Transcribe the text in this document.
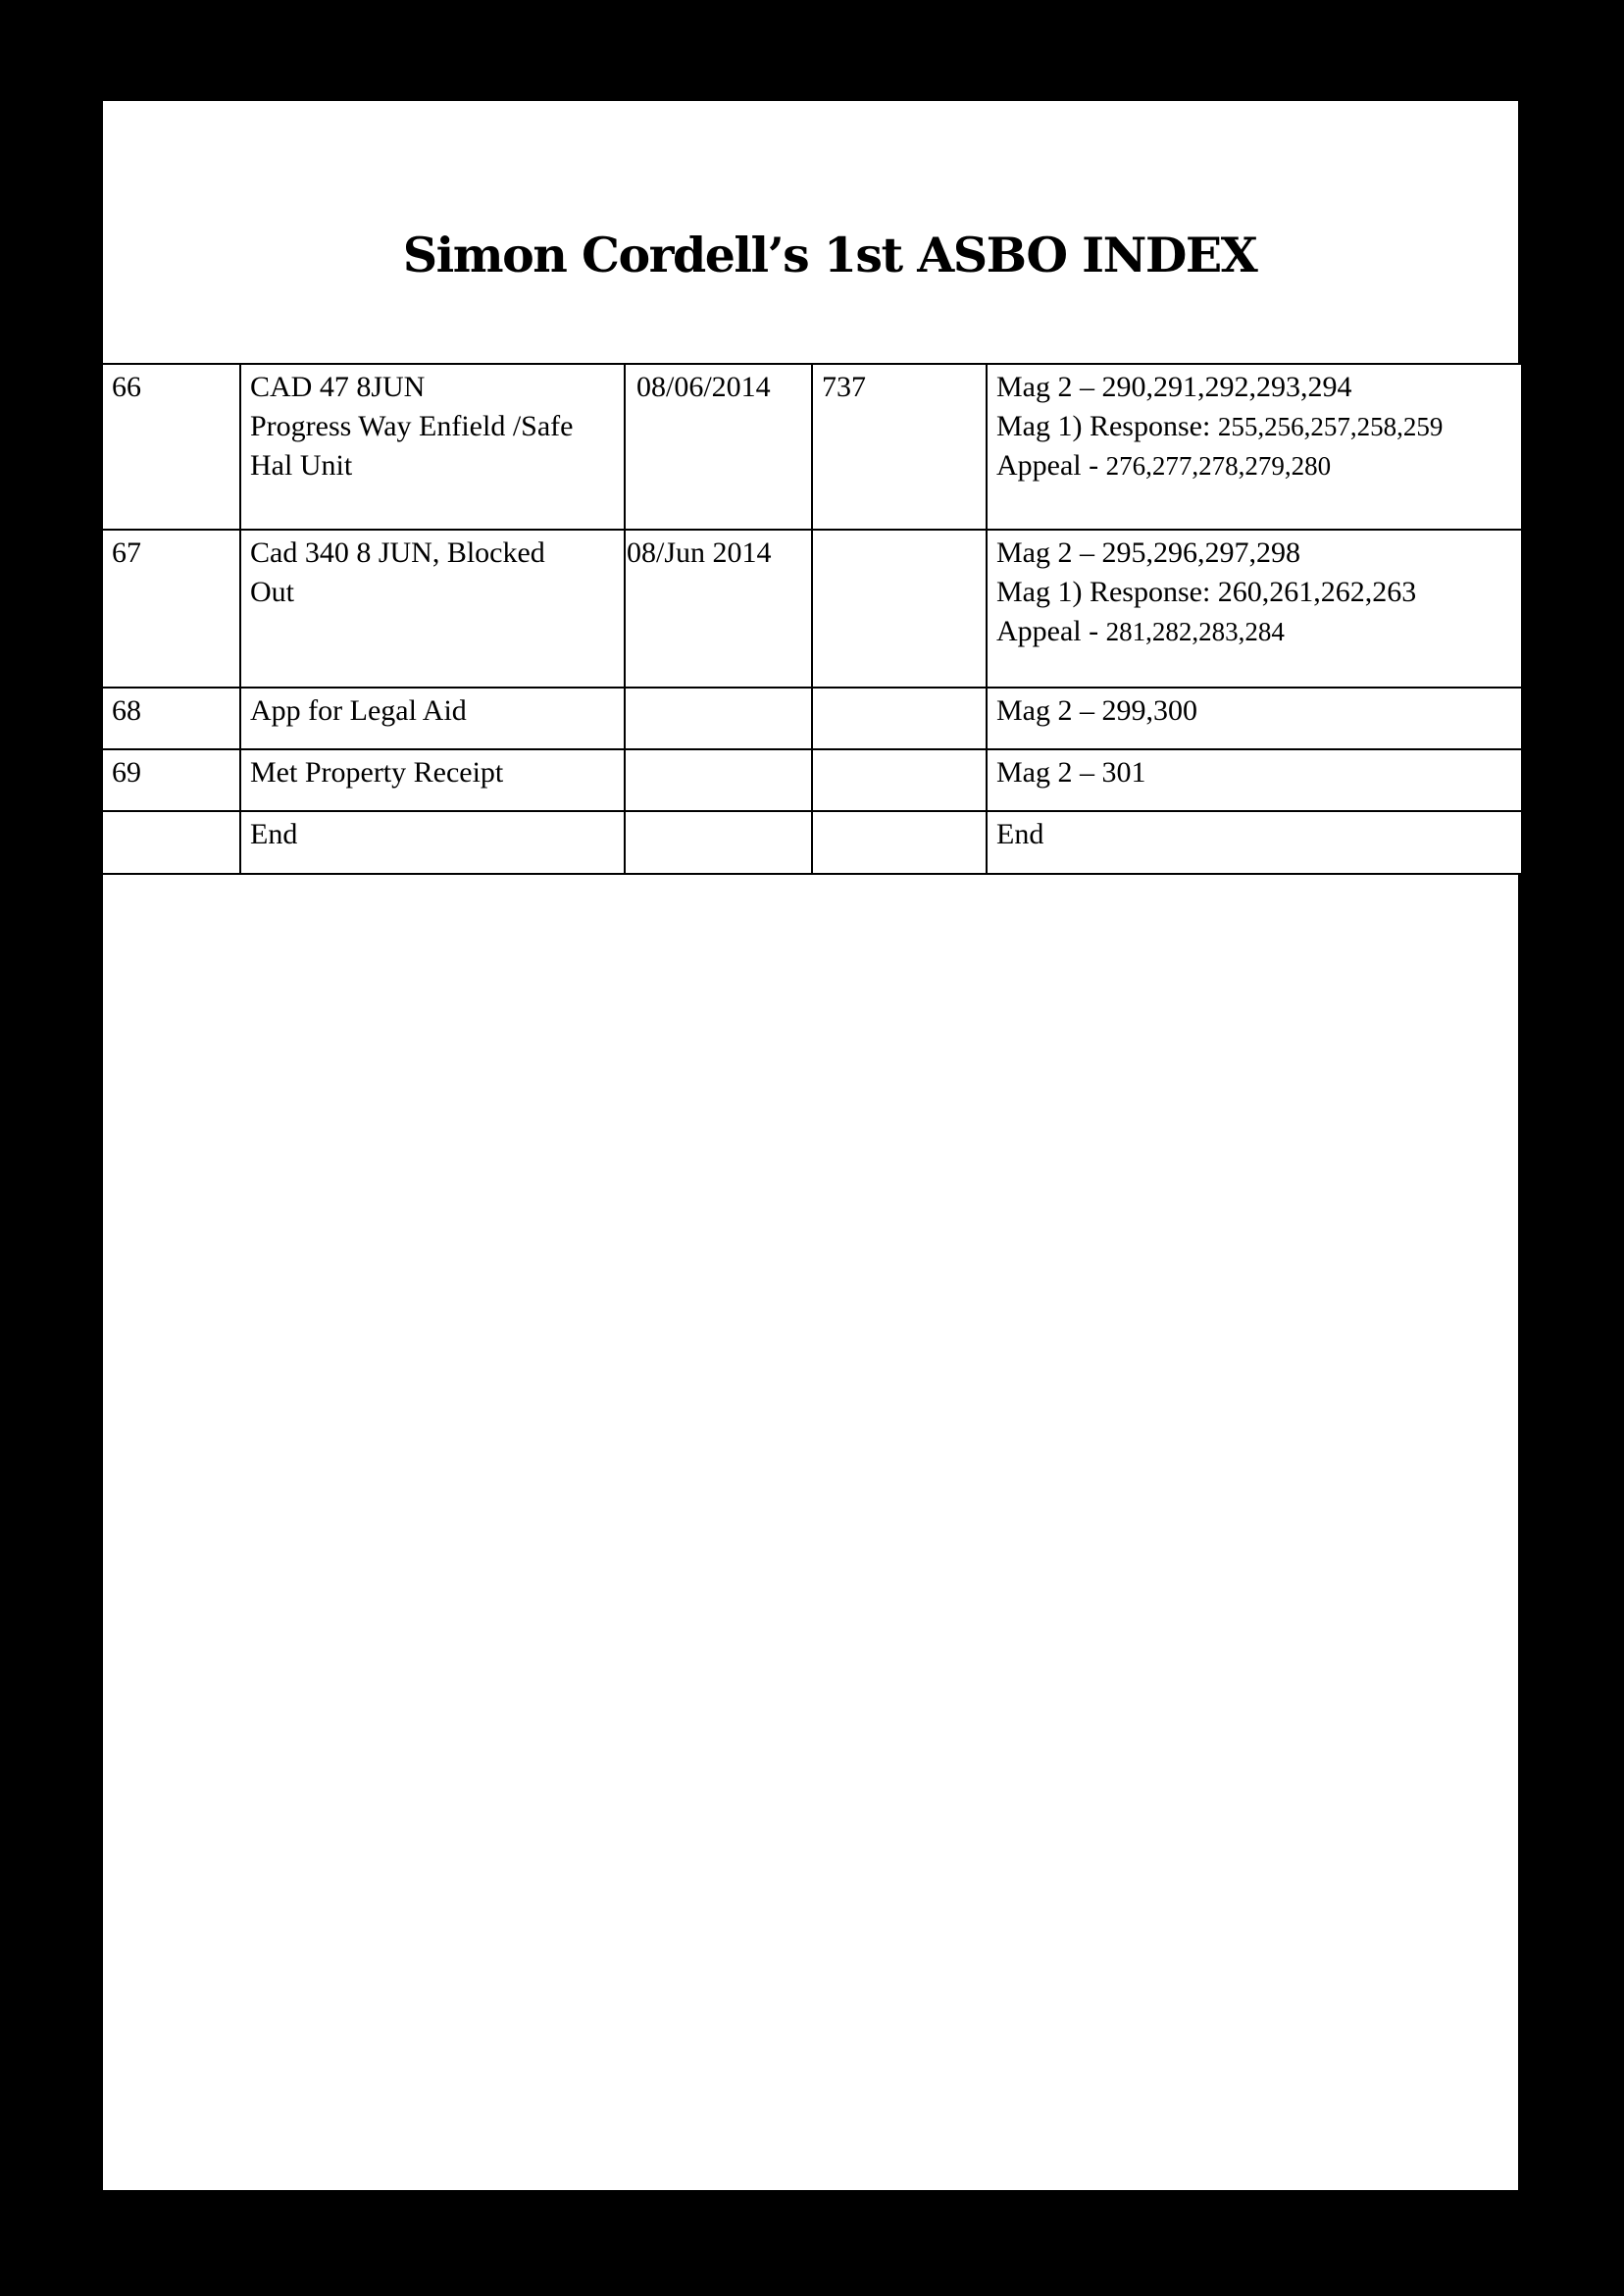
Simon Cordell’s 1st ASBO INDEX
66	CAD 47 8JUN
Progress Way Enfield /Safe
Hal Unit	08/06/2014	737	Mag 2 – 290,291,292,293,294
Mag 1) Response: 255,256,257,258,259
Appeal - 276,277,278,279,280

67	Cad 340 8 JUN, Blocked
Out	08/Jun 2014		Mag 2 – 295,296,297,298
Mag 1) Response: 260,261,262,263
Appeal - 281,282,283,284

68	App for Legal Aid			Mag 2 – 299,300

69	Met Property Receipt			Mag 2 – 301

	End			End
